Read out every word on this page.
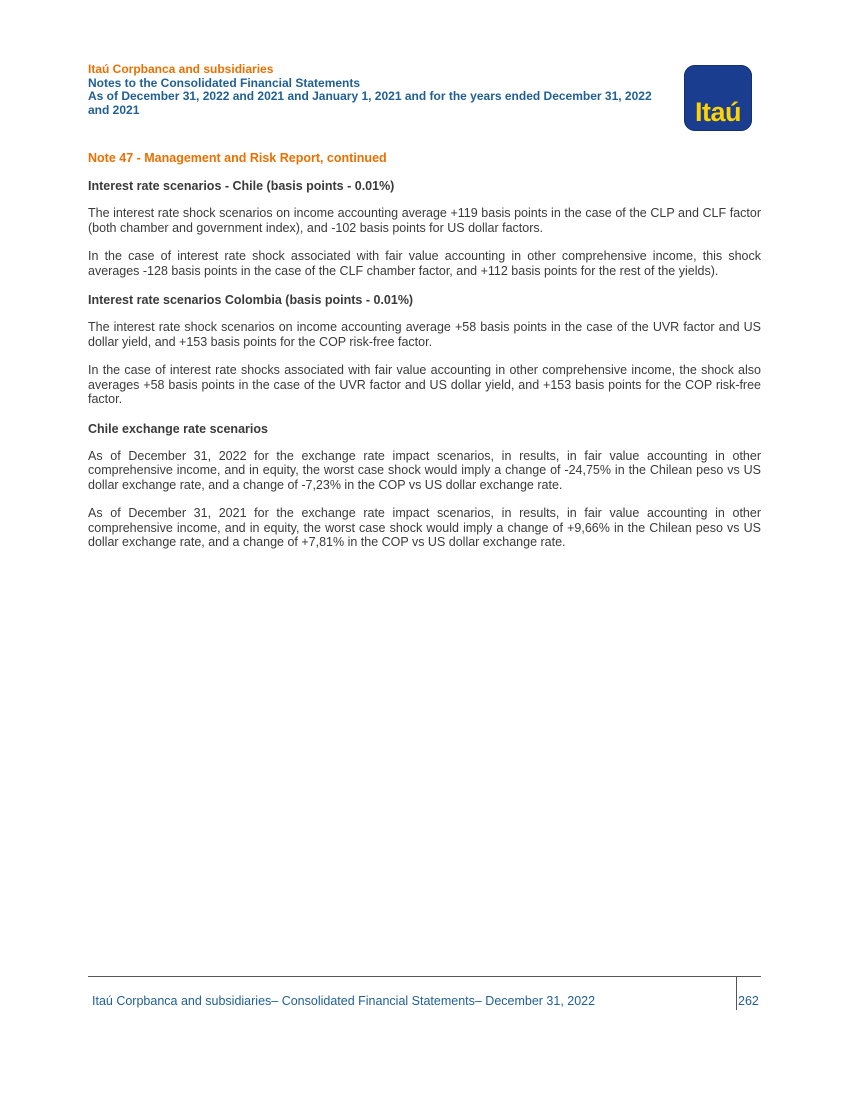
Itaú Corpbanca and subsidiaries
Notes to the Consolidated Financial Statements
As of December 31, 2022 and 2021 and January 1, 2021 and for the years ended December 31, 2022
and 2021	Itaú
Note 47 - Management and Risk Report, continued
Interest rate scenarios - Chile (basis points - 0.01%)

The interest rate shock scenarios on income accounting average +119 basis points in the case of the CLP and CLF factor (both chamber and government index), and -102 basis points for US dollar factors.

In the case of interest rate shock associated with fair value accounting in other comprehensive income, this shock averages -128 basis points in the case of the CLF chamber factor, and +112 basis points for the rest of the yields).

Interest rate scenarios Colombia (basis points - 0.01%)

The interest rate shock scenarios on income accounting average +58 basis points in the case of the UVR factor and US dollar yield, and +153 basis points for the COP risk-free factor.

In the case of interest rate shocks associated with fair value accounting in other comprehensive income, the shock also averages +58 basis points in the case of the UVR factor and US dollar yield, and +153 basis points for the COP risk-free factor.

Chile exchange rate scenarios

As of December 31, 2022 for the exchange rate impact scenarios, in results, in fair value accounting in other comprehensive income, and in equity, the worst case shock would imply a change of -24,75% in the Chilean peso vs US dollar exchange rate, and a change of -7,23% in the COP vs US dollar exchange rate.

As of December 31, 2021 for the exchange rate impact scenarios, in results, in fair value accounting in other comprehensive income, and in equity, the worst case shock would imply a change of +9,66% in the Chilean peso vs US dollar exchange rate, and a change of +7,81% in the COP vs US dollar exchange rate.

Itaú Corpbanca and subsidiaries– Consolidated Financial Statements– December 31, 2022	262
